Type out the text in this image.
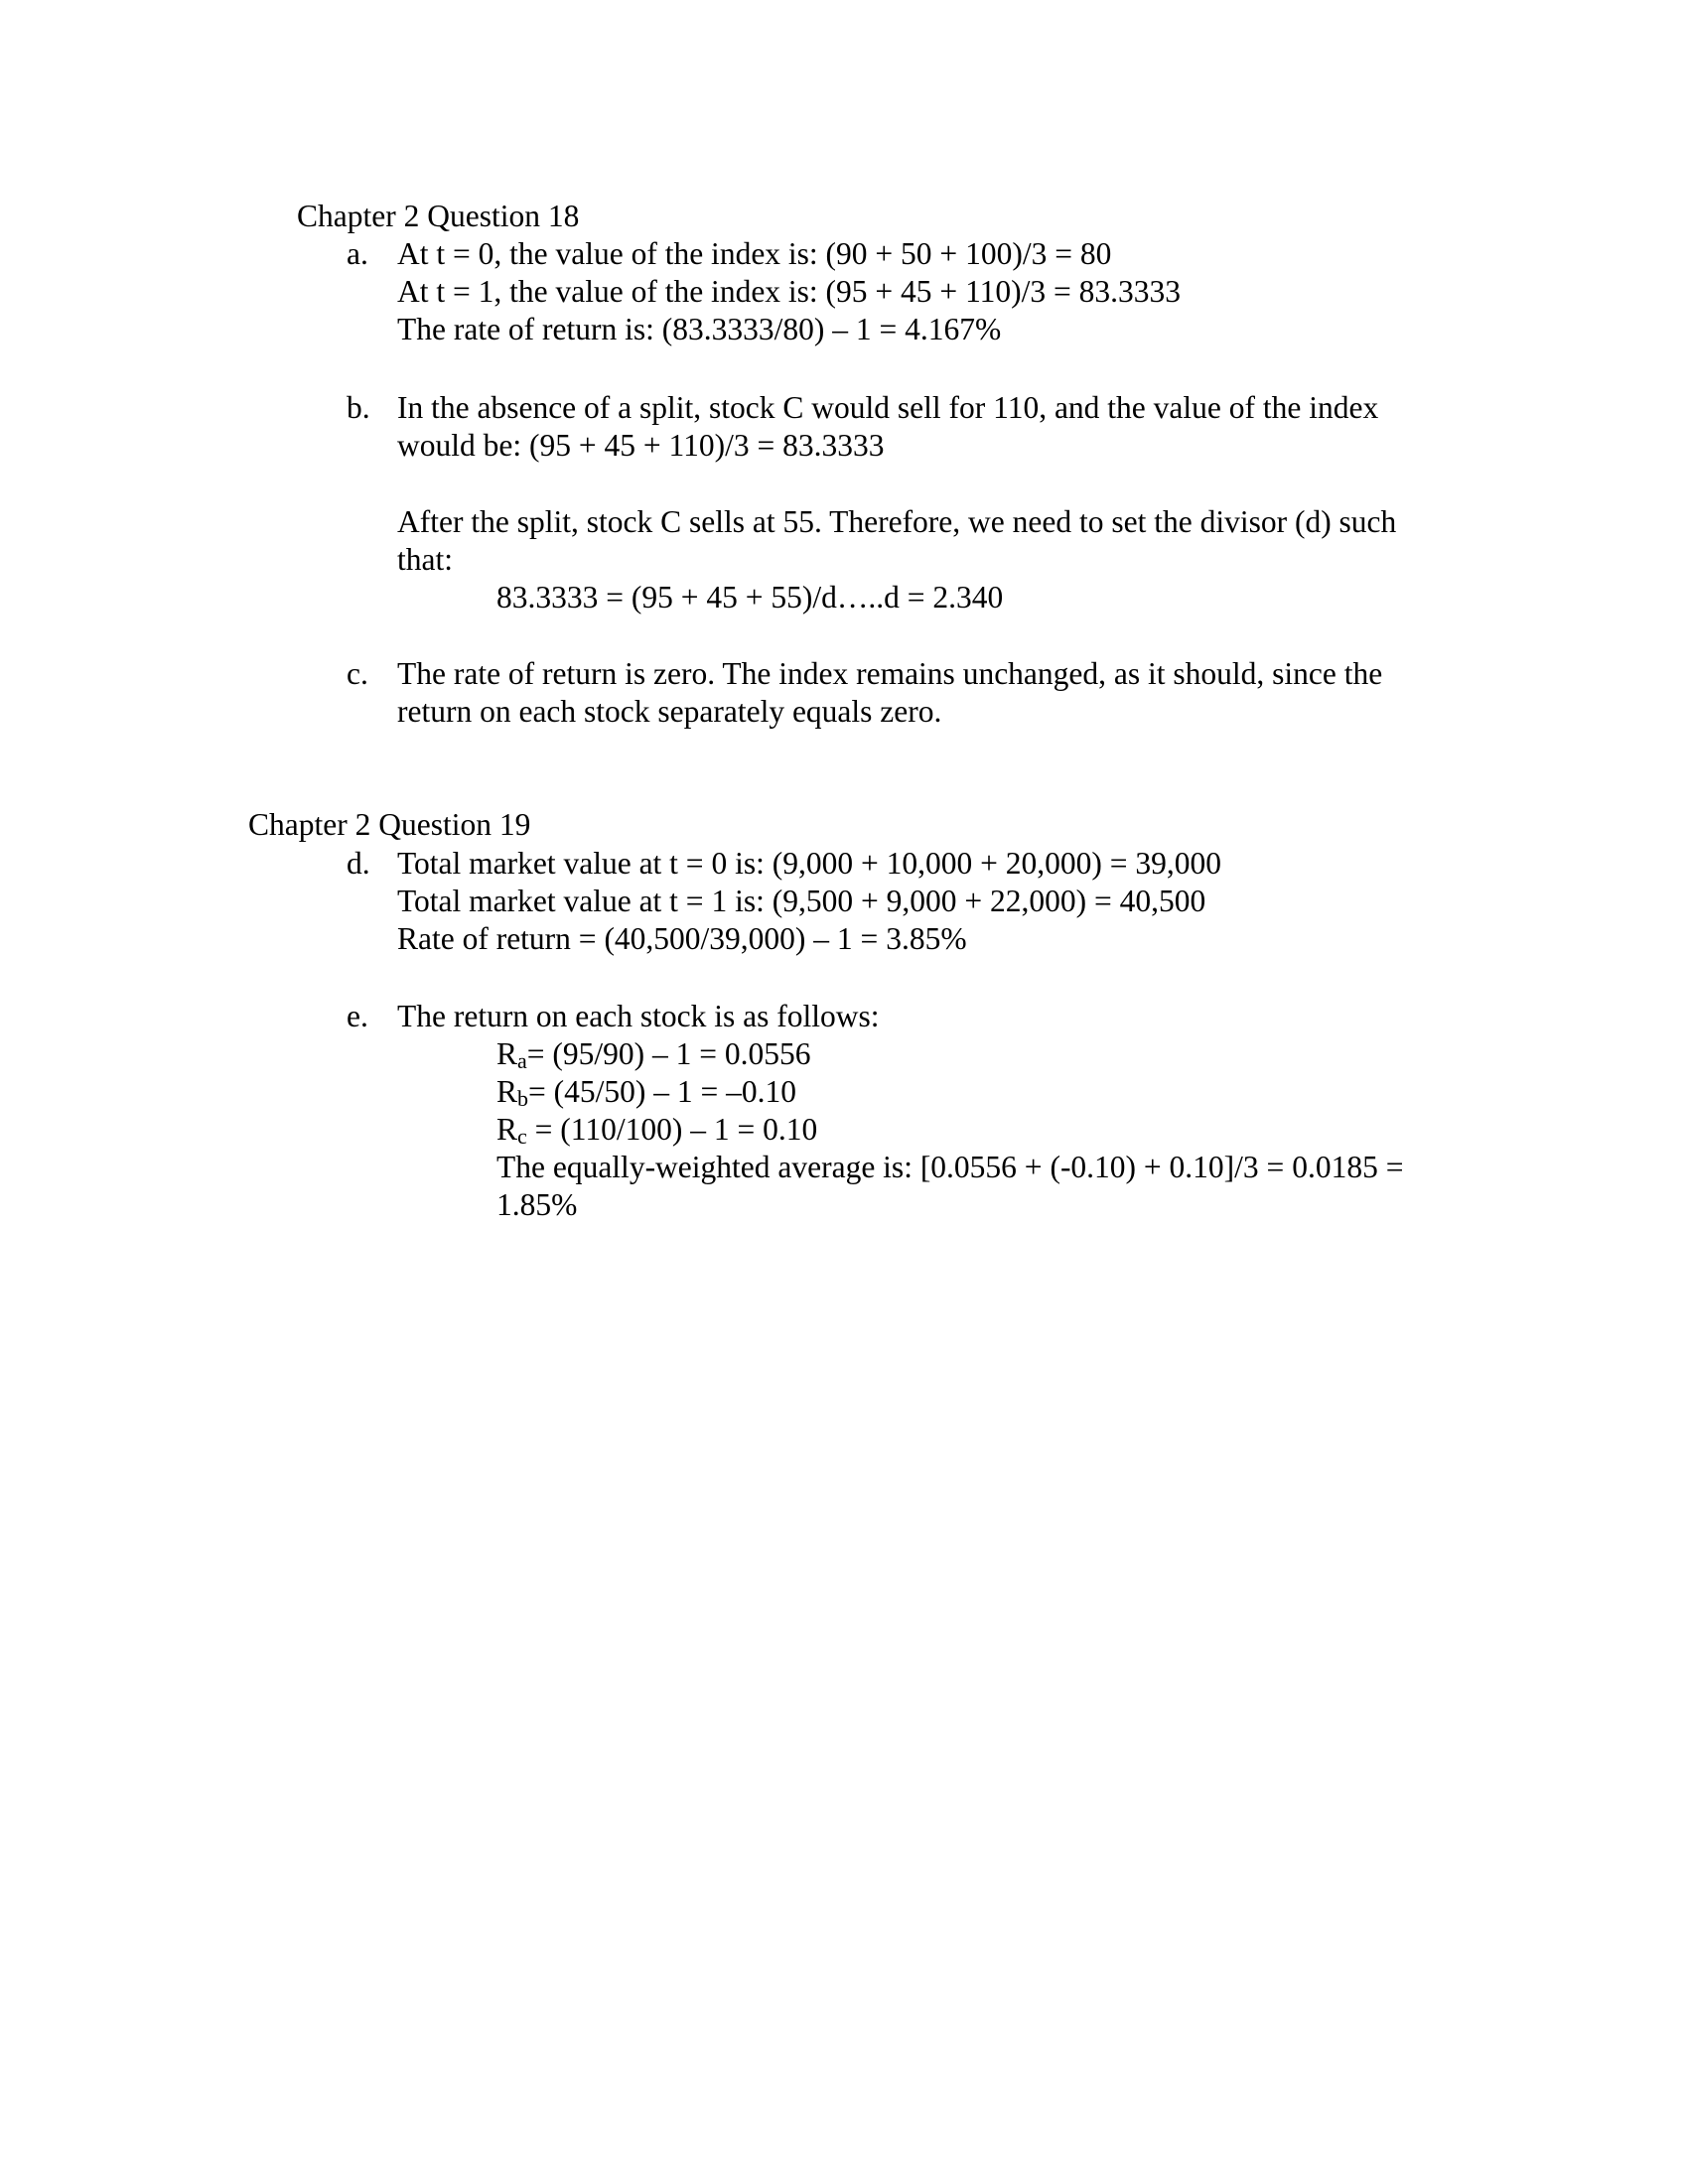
Chapter 2 Question 18
a. At t = 0, the value of the index is: (90 + 50 + 100)/3 = 80
At t = 1, the value of the index is: (95 + 45 + 110)/3 = 83.3333
The rate of return is: (83.3333/80) – 1 = 4.167%
b. In the absence of a split, stock C would sell for 110, and the value of the index
would be: (95 + 45 + 110)/3 = 83.3333
After the split, stock C sells at 55. Therefore, we need to set the divisor (d) such
that:
83.3333 = (95 + 45 + 55)/d…..d = 2.340
c. The rate of return is zero. The index remains unchanged, as it should, since the
return on each stock separately equals zero.
Chapter 2 Question 19
d. Total market value at t = 0 is: (9,000 + 10,000 + 20,000) = 39,000
Total market value at t = 1 is: (9,500 + 9,000 + 22,000) = 40,500
Rate of return = (40,500/39,000) – 1 = 3.85%
e. The return on each stock is as follows:
$R_a= (95/90) - 1 = 0.0556$
$R_b= (45/50) - 1 = -0.10$
$R_c = (110/100) - 1 = 0.10$
The equally-weighted average is: [0.0556 + (-0.10) + 0.10]/3 = 0.0185 =
1.85%
